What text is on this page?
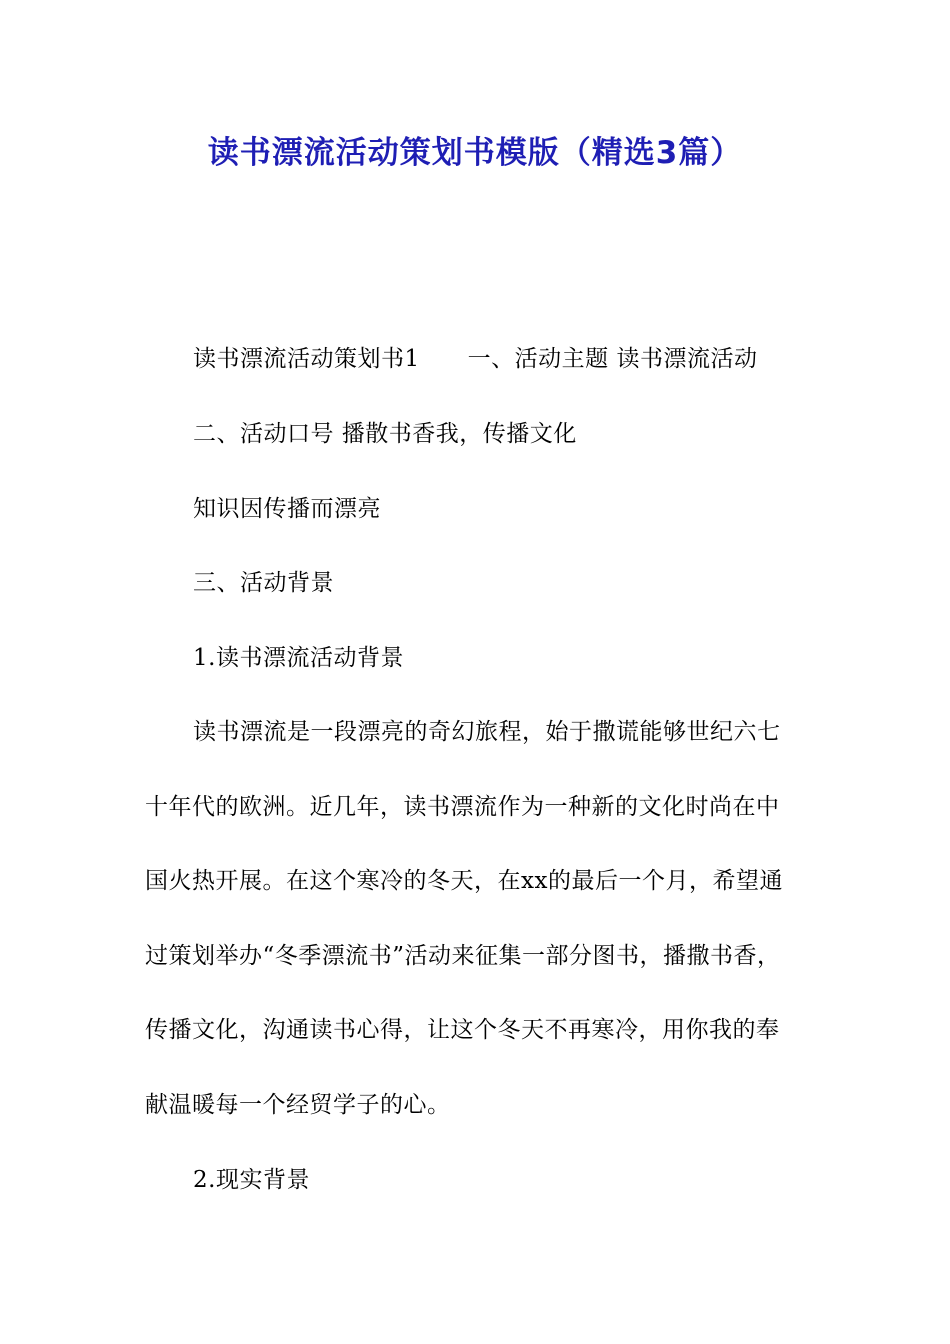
读书漂流活动策划书模版（精选3篇）
读书漂流活动策划书1 一、活动主题 读书漂流活动
二、活动口号 播散书香我，传播文化
知识因传播而漂亮
三、活动背景
1.读书漂流活动背景
读书漂流是一段漂亮的奇幻旅程，始于撒谎能够世纪六七
十年代的欧洲。近几年，读书漂流作为一种新的文化时尚在中
国火热开展。在这个寒冷的冬天，在xx的最后一个月，希望通
过策划举办“冬季漂流书”活动来征集一部分图书，播撒书香，
传播文化，沟通读书心得，让这个冬天不再寒冷，用你我的奉
献温暖每一个经贸学子的心。
2.现实背景
